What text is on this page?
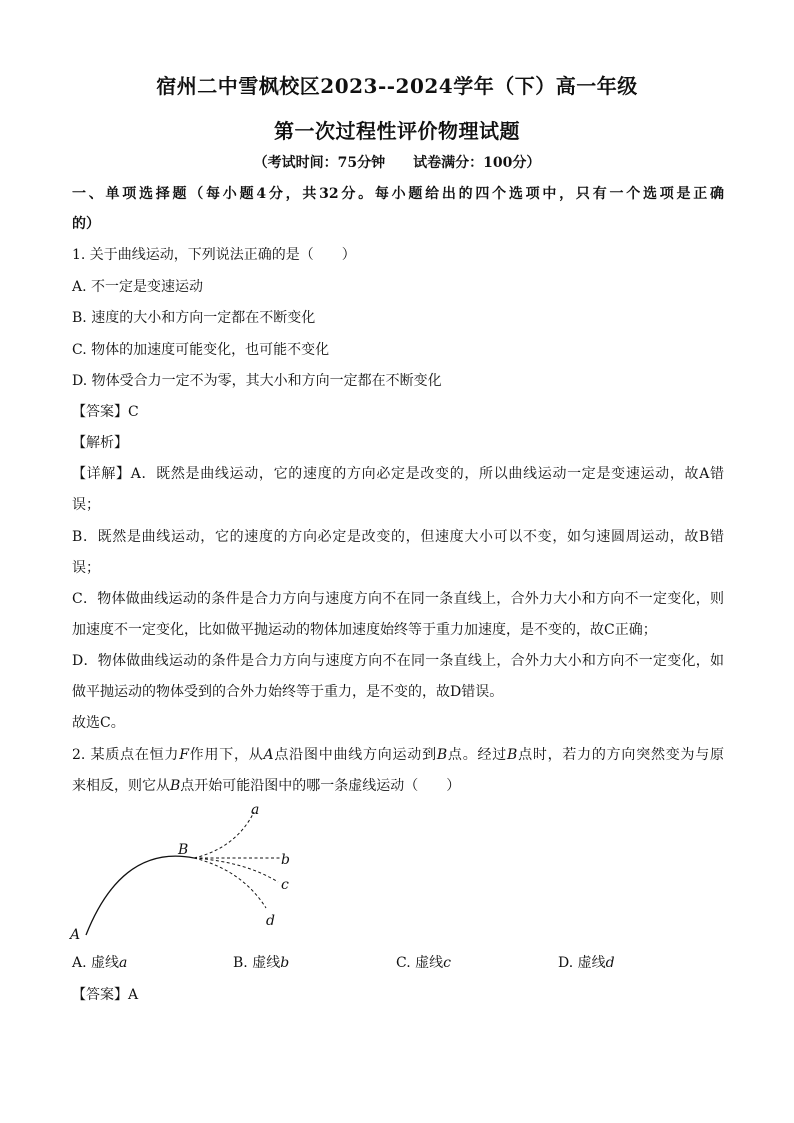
宿州二中雪枫校区2023--2024学年（下）高一年级
第一次过程性评价物理试题
（考试时间：75分钟　　试卷满分：100分）
一、单项选择题（每小题4分，共32分。每小题给出的四个选项中，只有一个选项是正确
的）
1. 关于曲线运动，下列说法正确的是（　　）
A. 不一定是变速运动
B. 速度的大小和方向一定都在不断变化
C. 物体的加速度可能变化，也可能不变化
D. 物体受合力一定不为零，其大小和方向一定都在不断变化
【答案】C
【解析】
【详解】A．既然是曲线运动，它的速度的方向必定是改变的，所以曲线运动一定是变速运动，故A错
误；
B．既然是曲线运动，它的速度的方向必定是改变的，但速度大小可以不变，如匀速圆周运动，故B错
误；
C．物体做曲线运动的条件是合力方向与速度方向不在同一条直线上，合外力大小和方向不一定变化，则
加速度不一定变化，比如做平抛运动的物体加速度始终等于重力加速度，是不变的，故C正确；
D．物体做曲线运动的条件是合力方向与速度方向不在同一条直线上，合外力大小和方向不一定变化，如
做平抛运动的物体受到的合外力始终等于重力，是不变的，故D错误。
故选C。
2. 某质点在恒力F作用下，从A点沿图中曲线方向运动到B点。经过B点时，若力的方向突然变为与原
来相反，则它从B点开始可能沿图中的哪一条虚线运动（　　）
A
B
a
b
c
d
A. 虚线a	B. 虚线b	C. 虚线c	D. 虚线d
【答案】A
